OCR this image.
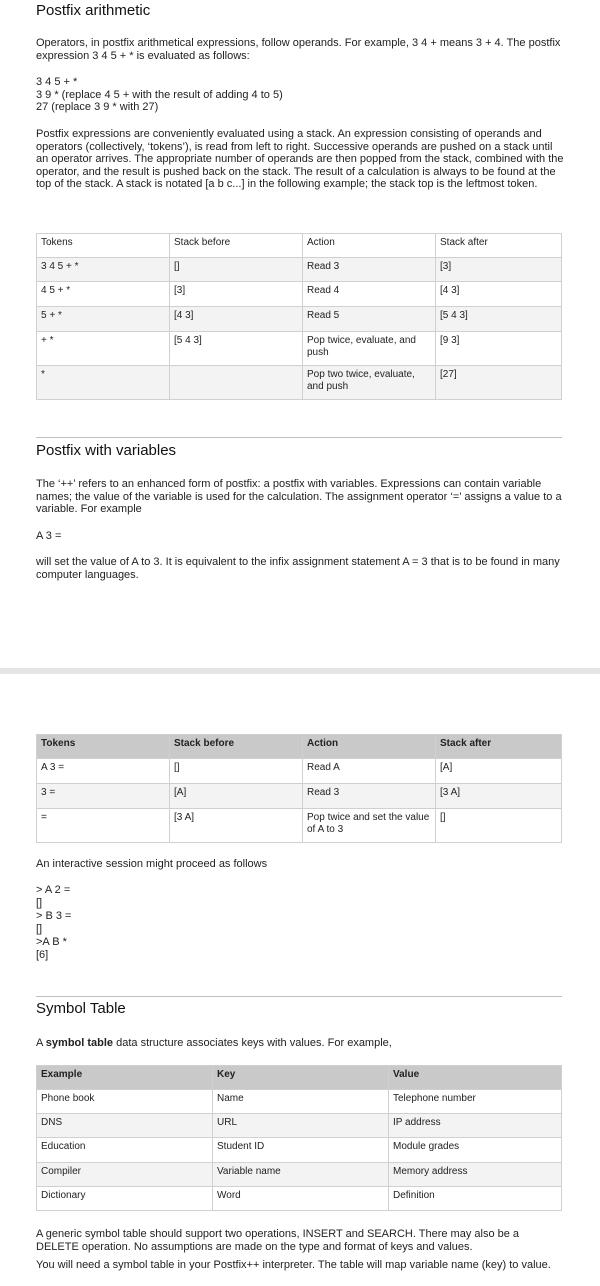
Postfix arithmetic

Operators, in postfix arithmetical expressions, follow operands. For example, 3 4 + means 3 + 4. The postfix expression 3 4 5 + * is evaluated as follows:

3 4 5 + *
3 9 * (replace 4 5 + with the result of adding 4 to 5)
27 (replace 3 9 * with 27)

Postfix expressions are conveniently evaluated using a stack. An expression consisting of operands and operators (collectively, ‘tokens’), is read from left to right. Successive operands are pushed on a stack until an operator arrives. The appropriate number of operands are then popped from the stack, combined with the operator, and the result is pushed back on the stack. The result of a calculation is always to be found at the top of the stack. A stack is notated [a b c...] in the following example; the stack top is the leftmost token.

Tokens	Stack before	Action	Stack after
3 4 5 + *	[]	Read 3	[3]
4 5 + *	[3]	Read 4	[4 3]
5 + *	[4 3]	Read 5	[5 4 3]
+ *	[5 4 3]	Pop twice, evaluate, and push	[9 3]
*		Pop two twice, evaluate, and push	[27]
Postfix with variables

The ‘++’ refers to an enhanced form of postfix: a postfix with variables. Expressions can contain variable names; the value of the variable is used for the calculation. The assignment operator ‘=’ assigns a value to a variable. For example

A 3 =

will set the value of A to 3. It is equivalent to the infix assignment statement A = 3 that is to be found in many computer languages.

Tokens	Stack before	Action	Stack after
A 3 =	[]	Read A	[A]
3 =	[A]	Read 3	[3 A]
=	[3 A]	Pop twice and set the value of A to 3	[]

An interactive session might proceed as follows

> A 2 =
[]
> B 3 =
[]
>A B *
[6]
Symbol Table

A symbol table data structure associates keys with values. For example,

Example	Key	Value
Phone book	Name	Telephone number
DNS	URL	IP address
Education	Student ID	Module grades
Compiler	Variable name	Memory address
Dictionary	Word	Definition

A generic symbol table should support two operations, INSERT and SEARCH. There may also be a DELETE operation. No assumptions are made on the type and format of keys and values.

You will need a symbol table in your Postfix++ interpreter. The table will map variable name (key) to value.
